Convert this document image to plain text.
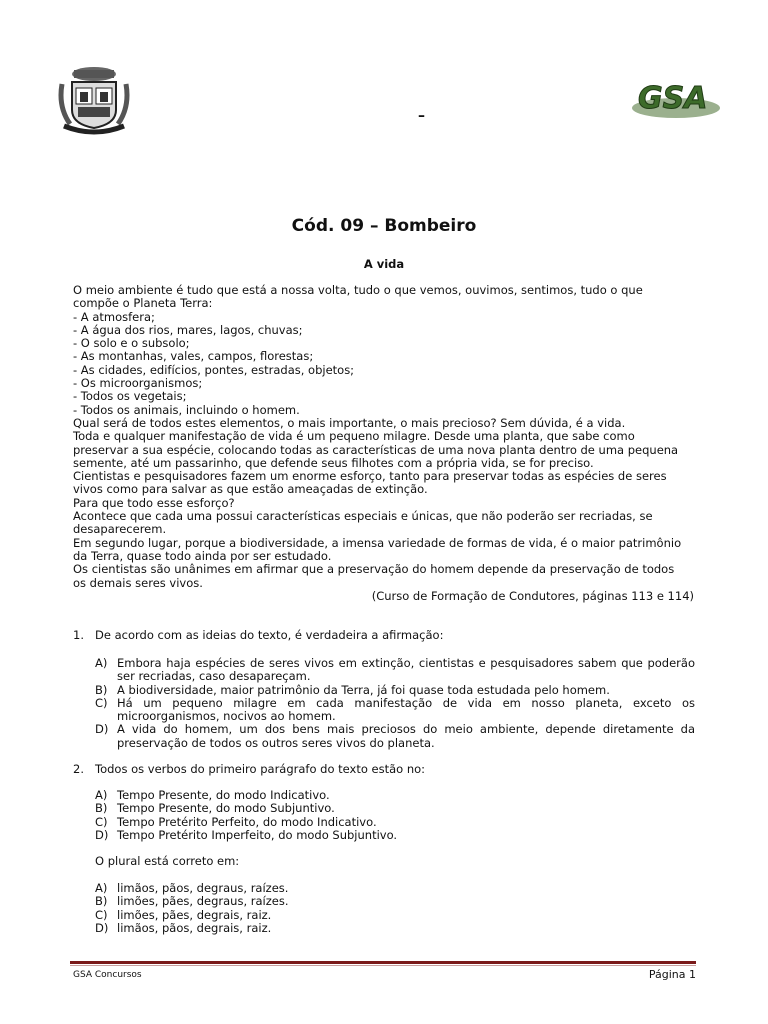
GSA
–
Cód. 09 – Bombeiro
A vida
O meio ambiente é tudo que está a nossa volta, tudo o que vemos, ouvimos, sentimos, tudo o que
compõe o Planeta Terra:
- A atmosfera;
- A água dos rios, mares, lagos, chuvas;
- O solo e o subsolo;
- As montanhas, vales, campos, florestas;
- As cidades, edifícios, pontes, estradas, objetos;
- Os microorganismos;
- Todos os vegetais;
- Todos os animais, incluindo o homem.
Qual será de todos estes elementos, o mais importante, o mais precioso? Sem dúvida, é a vida.
Toda e qualquer manifestação de vida é um pequeno milagre. Desde uma planta, que sabe como
preservar a sua espécie, colocando todas as características de uma nova planta dentro de uma pequena
semente, até um passarinho, que defende seus filhotes com a própria vida, se for preciso.
Cientistas e pesquisadores fazem um enorme esforço, tanto para preservar todas as espécies de seres
vivos como para salvar as que estão ameaçadas de extinção.
Para que todo esse esforço?
Acontece que cada uma possui características especiais e únicas, que não poderão ser recriadas, se
desaparecerem.
Em segundo lugar, porque a biodiversidade, a imensa variedade de formas de vida, é o maior patrimônio
da Terra, quase todo ainda por ser estudado.
Os cientistas são unânimes em afirmar que a preservação do homem depende da preservação de todos
os demais seres vivos.
(Curso de Formação de Condutores, páginas 113 e 114)
1. De acordo com as ideias do texto, é verdadeira a afirmação:
A) Embora haja espécies de seres vivos em extinção, cientistas e pesquisadores sabem que poderão ser recriadas, caso desapareçam.
B) A biodiversidade, maior patrimônio da Terra, já foi quase toda estudada pelo homem.
C) Há um pequeno milagre em cada manifestação de vida em nosso planeta, exceto os microorganismos, nocivos ao homem.
D) A vida do homem, um dos bens mais preciosos do meio ambiente, depende diretamente da preservação de todos os outros seres vivos do planeta.
2. Todos os verbos do primeiro parágrafo do texto estão no:
A) Tempo Presente, do modo Indicativo.
B) Tempo Presente, do modo Subjuntivo.
C) Tempo Pretérito Perfeito, do modo Indicativo.
D) Tempo Pretérito Imperfeito, do modo Subjuntivo.
O plural está correto em:
A) limãos, pãos, degraus, raízes.
B) limões, pães, degraus, raízes.
C) limões, pães, degrais, raiz.
D) limãos, pãos, degrais, raiz.
GSA Concursos	Página 1
